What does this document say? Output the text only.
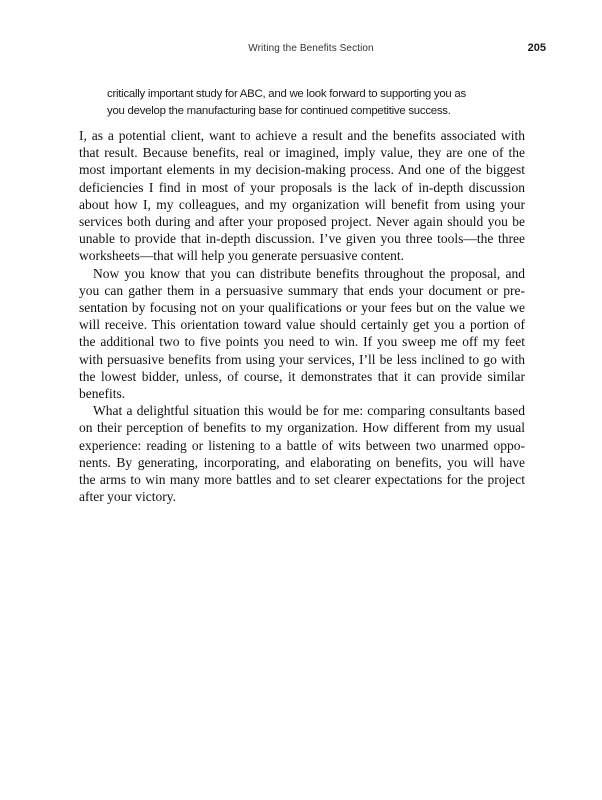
Writing the Benefits Section	205
critically important study for ABC, and we look forward to supporting you as
you develop the manufacturing base for continued competitive success.

I, as a potential client, want to achieve a result and the benefits associated with
that result. Because benefits, real or imagined, imply value, they are one of the
most important elements in my decision-making process. And one of the biggest
deficiencies I find in most of your proposals is the lack of in-depth discussion
about how I, my colleagues, and my organization will benefit from using your
services both during and after your proposed project. Never again should you be
unable to provide that in-depth discussion. I’ve given you three tools—the three
worksheets—that will help you generate persuasive content.

Now you know that you can distribute benefits throughout the proposal, and
you can gather them in a persuasive summary that ends your document or pre-
sentation by focusing not on your qualifications or your fees but on the value we
will receive. This orientation toward value should certainly get you a portion of
the additional two to five points you need to win. If you sweep me off my feet
with persuasive benefits from using your services, I’ll be less inclined to go with
the lowest bidder, unless, of course, it demonstrates that it can provide similar
benefits.

What a delightful situation this would be for me: comparing consultants based
on their perception of benefits to my organization. How different from my usual
experience: reading or listening to a battle of wits between two unarmed oppo-
nents. By generating, incorporating, and elaborating on benefits, you will have
the arms to win many more battles and to set clearer expectations for the project
after your victory.
